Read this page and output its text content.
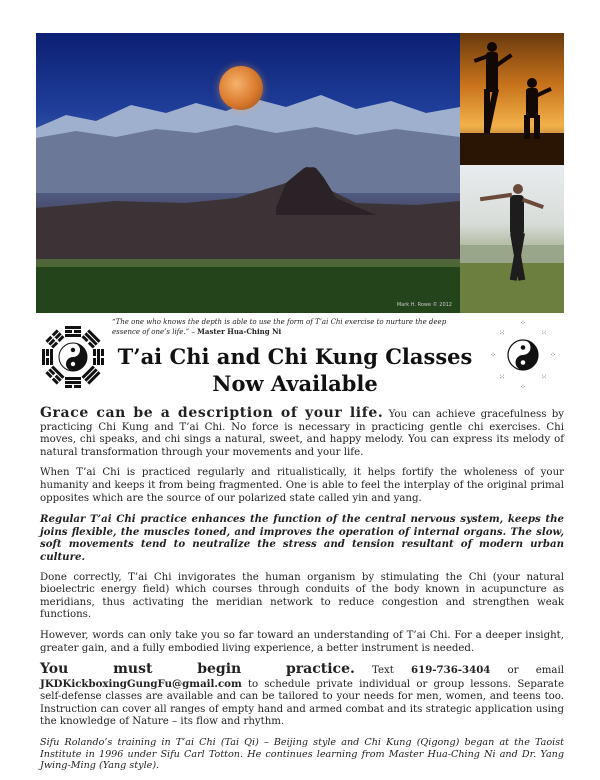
Mark H. Rowe © 2012
“The one who knows the depth is able to use the form of T’ai Chi exercise to nurture the deep essence of one’s life.” – Master Hua-Ching Ni
⁘
⁙
⁘
⁙
⁘
⁙
⁘
⁙
T’ai Chi and Chi Kung Classes
Now Available

Grace can be a description of your life. You can achieve gracefulness by practicing Chi Kung and T’ai Chi. No force is necessary in practicing gentle chi exercises. Chi moves, chi speaks, and chi sings a natural, sweet, and happy melody. You can express its melody of natural transformation through your movements and your life.

When T’ai Chi is practiced regularly and ritualistically, it helps fortify the wholeness of your humanity and keeps it from being fragmented. One is able to feel the interplay of the original primal opposites which are the source of our polarized state called yin and yang.

Regular T’ai Chi practice enhances the function of the central nervous system, keeps the joins flexible, the muscles toned, and improves the operation of internal organs. The slow, soft movements tend to neutralize the stress and tension resultant of modern urban culture.

Done correctly, T’ai Chi invigorates the human organism by stimulating the Chi (your natural bioelectric energy field) which courses through conduits of the body known in acupuncture as meridians, thus activating the meridian network to reduce congestion and strengthen weak functions.

However, words can only take you so far toward an understanding of T’ai Chi. For a deeper insight, greater gain, and a fully embodied living experience, a better instrument is needed.

You must begin practice. Text 619-736-3404 or email JKDKickboxingGungFu@gmail.com to schedule private individual or group lessons. Separate self-defense classes are available and can be tailored to your needs for men, women, and teens too. Instruction can cover all ranges of empty hand and armed combat and its strategic application using the knowledge of Nature – its flow and rhythm.

Sifu Rolando’s training in T’ai Chi (Tai Qi) – Beijing style and Chi Kung (Qigong) began at the Taoist Institute in 1996 under Sifu Carl Totton. He continues learning from Master Hua-Ching Ni and Dr. Yang Jwing-Ming (Yang style).
